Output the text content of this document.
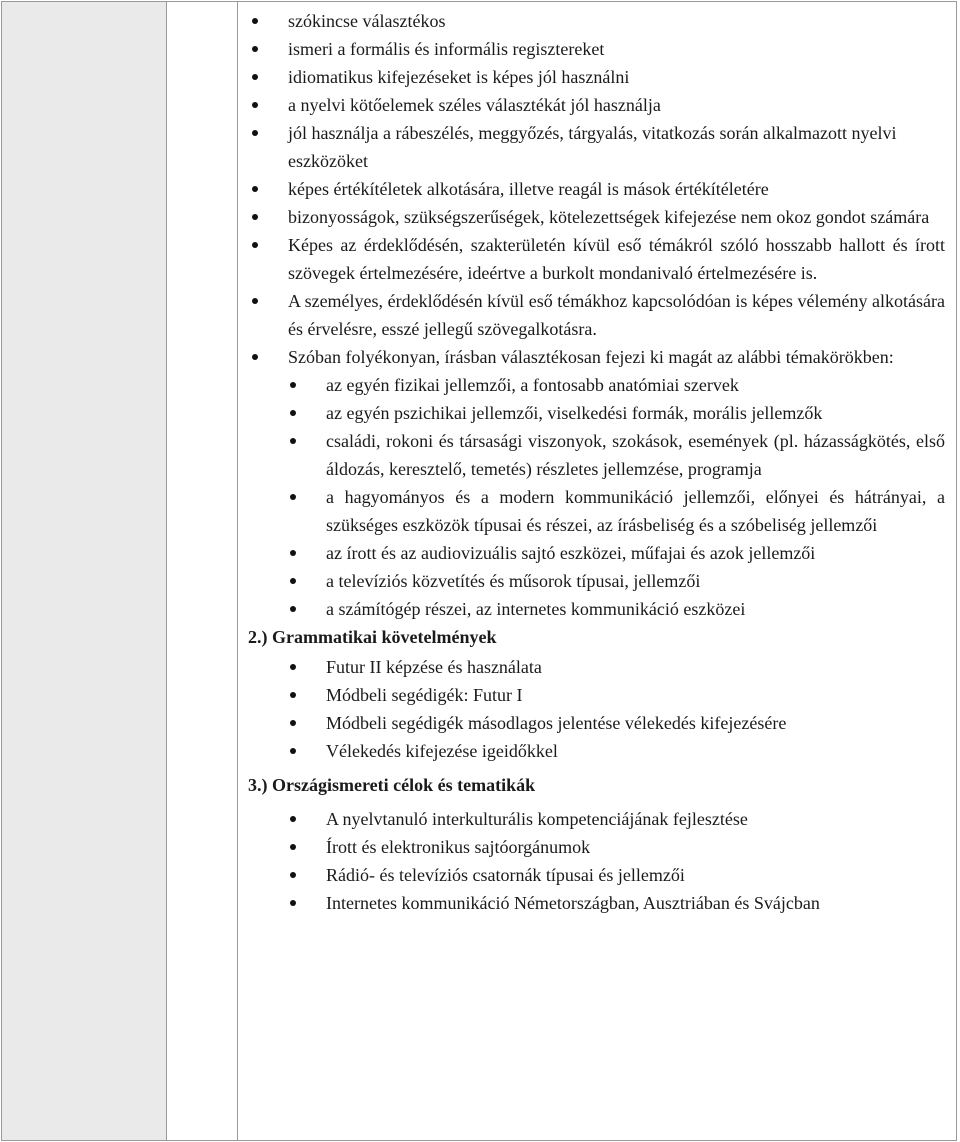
szókincse választékos
ismeri a formális és informális regisztereket
idiomatikus kifejezéseket is képes jól használni
a nyelvi kötőelemek széles választékát jól használja
jól használja a rábeszélés, meggyőzés, tárgyalás, vitatkozás során alkalmazott nyelvi eszközöket
képes értékítéletek alkotására, illetve reagál is mások értékítéletére
bizonyosságok, szükségszerűségek, kötelezettségek kifejezése nem okoz gondot számára
Képes az érdeklődésén, szakterületén kívül eső témákról szóló hosszabb hallott és írott szövegek értelmezésére, ideértve a burkolt mondanivaló értelmezésére is.
A személyes, érdeklődésén kívül eső témákhoz kapcsolódóan is képes vélemény alkotására és érvelésre, esszé jellegű szövegalkotásra.
Szóban folyékonyan, írásban választékosan fejezi ki magát az alábbi témakörökben:
az egyén fizikai jellemzői, a fontosabb anatómiai szervek
az egyén pszichikai jellemzői, viselkedési formák, morális jellemzők
családi, rokoni és társasági viszonyok, szokások, események (pl. házasságkötés, első áldozás, keresztelő, temetés) részletes jellemzése, programja
a hagyományos és a modern kommunikáció jellemzői, előnyei és hátrányai, a szükséges eszközök típusai és részei, az írásbeliség és a szóbeliség jellemzői
az írott és az audiovizuális sajtó eszközei, műfajai és azok jellemzői
a televíziós közvetítés és műsorok típusai, jellemzői
a számítógép részei, az internetes kommunikáció eszközei

2.) Grammatikai követelmények

Futur II képzése és használata
Módbeli segédigék: Futur I
Módbeli segédigék másodlagos jelentése vélekedés kifejezésére
Vélekedés kifejezése igeidőkkel

3.) Országismereti célok és tematikák

A nyelvtanuló interkulturális kompetenciájának fejlesztése
Írott és elektronikus sajtóorgánumok
Rádió- és televíziós csatornák típusai és jellemzői
Internetes kommunikáció Németországban, Ausztriában és Svájcban
